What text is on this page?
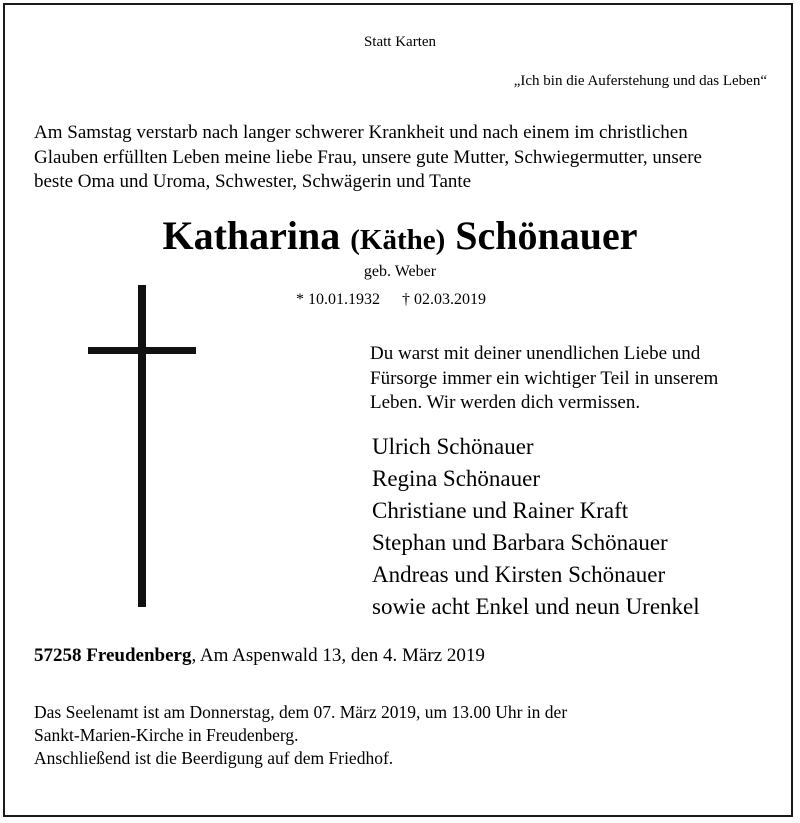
Statt Karten
„Ich bin die Auferstehung und das Leben“
Am Samstag verstarb nach langer schwerer Krankheit und nach einem im christlichen
Glauben erfüllten Leben meine liebe Frau, unsere gute Mutter, Schwiegermutter, unsere
beste Oma und Uroma, Schwester, Schwägerin und Tante
Katharina (Käthe) Schönauer
geb. Weber
* 10.01.1932 † 02.03.2019
Du warst mit deiner unendlichen Liebe und
Fürsorge immer ein wichtiger Teil in unserem
Leben. Wir werden dich vermissen.
Ulrich Schönauer
Regina Schönauer
Christiane und Rainer Kraft
Stephan und Barbara Schönauer
Andreas und Kirsten Schönauer
sowie acht Enkel und neun Urenkel
57258 Freudenberg, Am Aspenwald 13, den 4. März 2019
Das Seelenamt ist am Donnerstag, dem 07. März 2019, um 13.00 Uhr in der
Sankt-Marien-Kirche in Freudenberg.
Anschließend ist die Beerdigung auf dem Friedhof.
